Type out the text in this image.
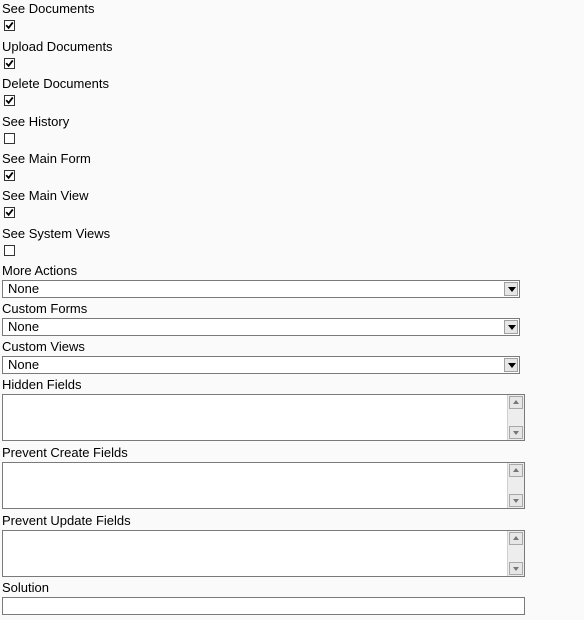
See Documents
Upload Documents
Delete Documents
See History
See Main Form
See Main View
See System Views
More Actions
None
Custom Forms
None
Custom Views
None
Hidden Fields
Prevent Create Fields
Prevent Update Fields
Solution
